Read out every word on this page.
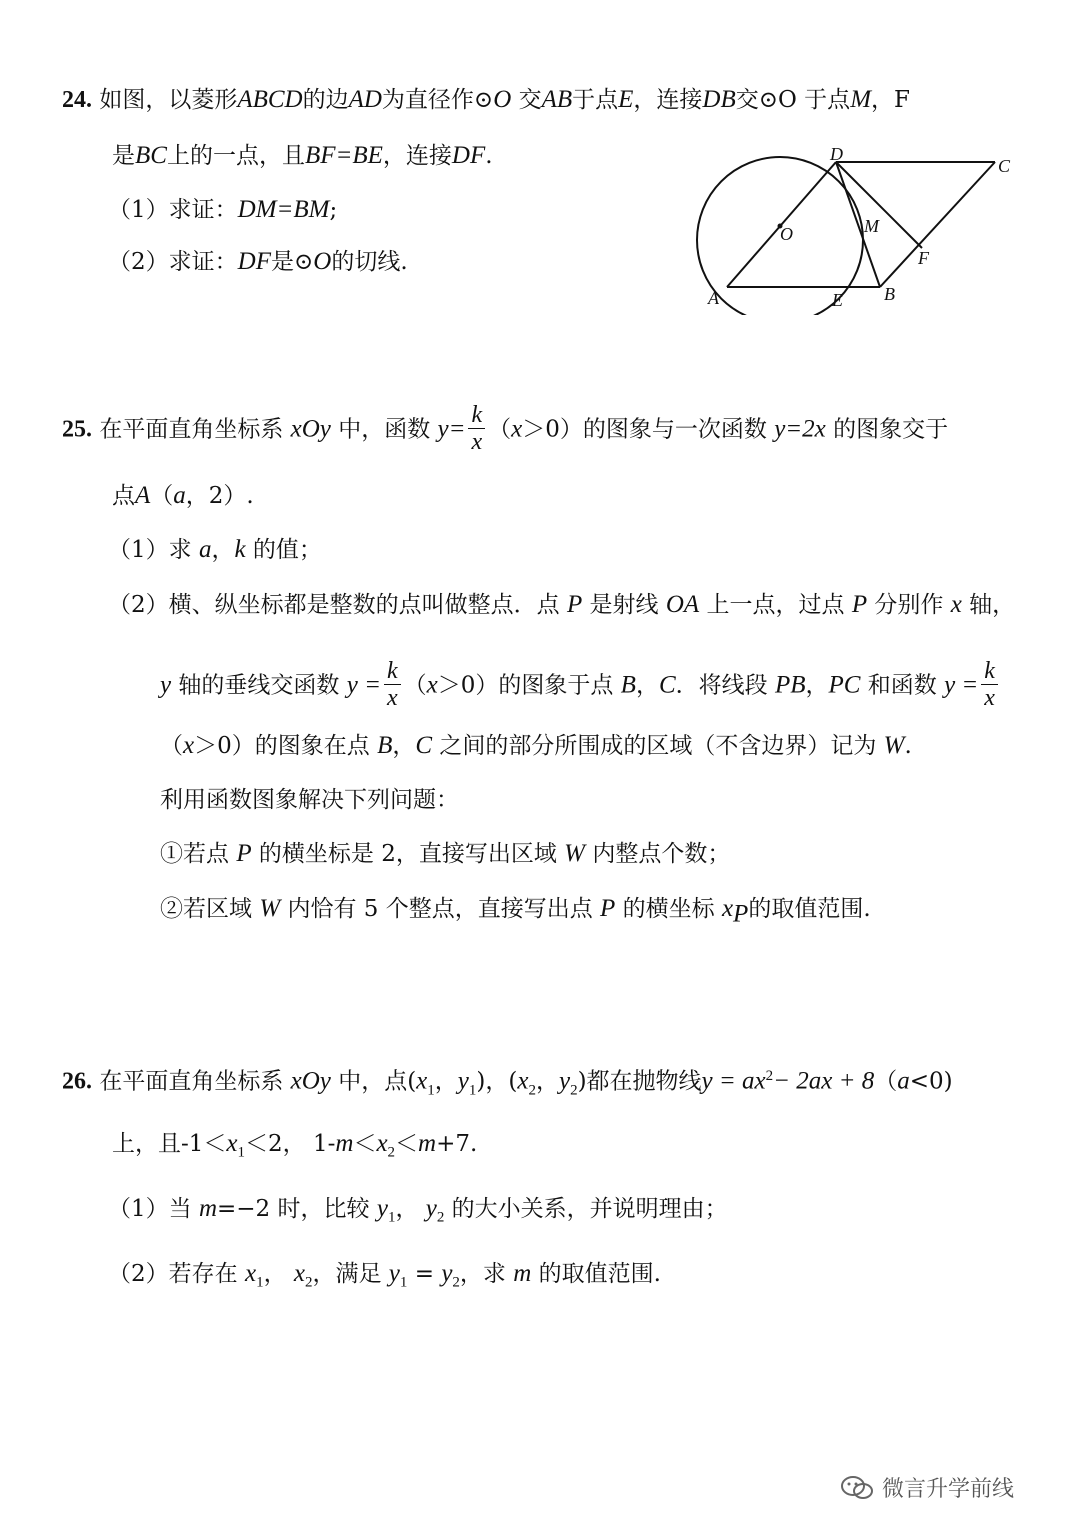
24. 如图，以菱形ABCD的边AD为直径作⊙O 交AB于点E，连接DB交⊙O 于点M，F
是BC上的一点，且BF=BE，连接DF.
（1）求证：DM=BM;
（2）求证：DF是⊙O的切线.
D
C
O	M
F
A	E B
25. 在平面直角坐标系 xOy 中，函数 $y= \frac{k}{x} (x>0)$的图象与一次函数 y=2x 的图象交于
点A（a，2）.
（1）求 a，k 的值；
（2）横、纵坐标都是整数的点叫做整点．点 P 是射线 OA 上一点，过点 P 分别作 x 轴，
y 轴的垂线交函数 $y = \frac{k}{x} (x>0)$的图象于点 B，C．将线段 PB，PC 和函数 $y = \frac{k}{x}$
（x＞0）的图象在点 B，C 之间的部分所围成的区域（不含边界）记为 W.
利用函数图象解决下列问题：
①若点 P 的横坐标是 2，直接写出区域 W 内整点个数；
②若区域 W 内恰有 5 个整点，直接写出点 P 的横坐标 $x_P$的取值范围.
26. 在平面直角坐标系 xOy 中，点($x_1$，$y_1$)，($x_2$，$y_2$)都在抛物线$y = ax^2- 2ax + 8(a<0)$
上，且$-1<x_1<2$， $1-m<x_2<m+7$.
（1）当 m=−2 时，比较 $y_1$， $y_2$ 的大小关系，并说明理由；
（2）若存在 $x_1$， $x_2$，满足 $y_1 = y_2$，求 m 的取值范围.
微言升学前线
